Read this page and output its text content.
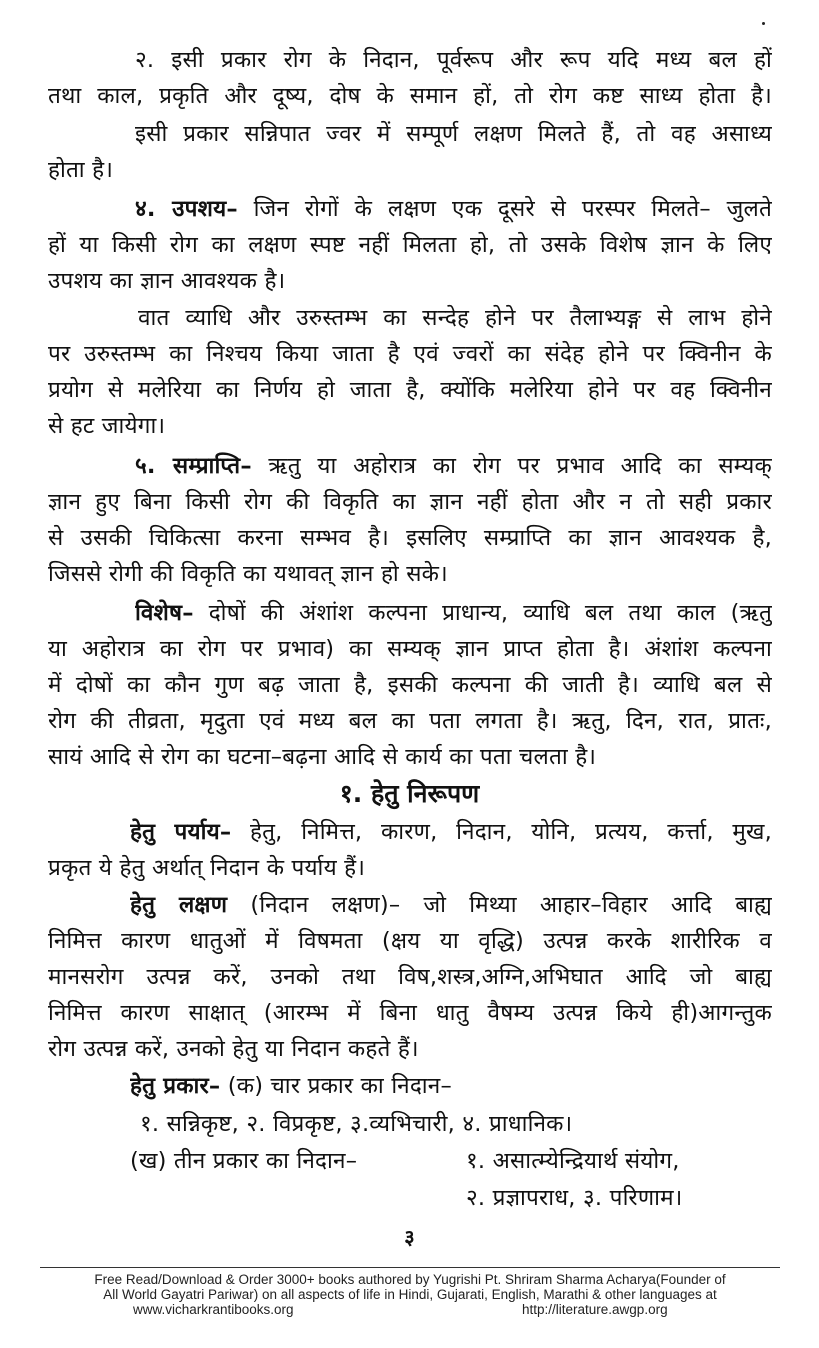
२. इसी प्रकार रोग के निदान, पूर्वरूप और रूप यदि मध्य बल हों
तथा काल, प्रकृति और दूष्य, दोष के समान हों, तो रोग कष्ट साध्य होता है।
इसी प्रकार सन्निपात ज्वर में सम्पूर्ण लक्षण मिलते हैं, तो वह असाध्य
होता है।
४. उपशय– जिन रोगों के लक्षण एक दूसरे से परस्पर मिलते– जुलते
हों या किसी रोग का लक्षण स्पष्ट नहीं मिलता हो, तो उसके विशेष ज्ञान के लिए
उपशय का ज्ञान आवश्यक है।
वात व्याधि और उरुस्तम्भ का सन्देह होने पर तैलाभ्यङ्ग से लाभ होने
पर उरुस्तम्भ का निश्चय किया जाता है एवं ज्वरों का संदेह होने पर क्विनीन के
प्रयोग से मलेरिया का निर्णय हो जाता है, क्योंकि मलेरिया होने पर वह क्विनीन
से हट जायेगा।
५. सम्प्राप्ति– ऋतु या अहोरात्र का रोग पर प्रभाव आदि का सम्यक्
ज्ञान हुए बिना किसी रोग की विकृति का ज्ञान नहीं होता और न तो सही प्रकार
से उसकी चिकित्सा करना सम्भव है। इसलिए सम्प्राप्ति का ज्ञान आवश्यक है,
जिससे रोगी की विकृति का यथावत् ज्ञान हो सके।
विशेष– दोषों की अंशांश कल्पना प्राधान्य, व्याधि बल तथा काल (ऋतु
या अहोरात्र का रोग पर प्रभाव) का सम्यक् ज्ञान प्राप्त होता है। अंशांश कल्पना
में दोषों का कौन गुण बढ़ जाता है, इसकी कल्पना की जाती है। व्याधि बल से
रोग की तीव्रता, मृदुता एवं मध्य बल का पता लगता है। ऋतु, दिन, रात, प्रातः,
सायं आदि से रोग का घटना–बढ़ना आदि से कार्य का पता चलता है।
१. हेतु निरूपण
हेतु पर्याय– हेतु, निमित्त, कारण, निदान, योनि, प्रत्यय, कर्त्ता, मुख,
प्रकृत ये हेतु अर्थात् निदान के पर्याय हैं।
हेतु लक्षण (निदान लक्षण)– जो मिथ्या आहार–विहार आदि बाह्य
निमित्त कारण धातुओं में विषमता (क्षय या वृद्धि) उत्पन्न करके शारीरिक व
मानसरोग उत्पन्न करें, उनको तथा विष,शस्त्र,अग्नि,अभिघात आदि जो बाह्य
निमित्त कारण साक्षात् (आरम्भ में बिना धातु वैषम्य उत्पन्न किये ही)आगन्तुक
रोग उत्पन्न करें, उनको हेतु या निदान कहते हैं।
हेतु प्रकार– (क) चार प्रकार का निदान–
१. सन्निकृष्ट, २. विप्रकृष्ट, ३.व्यभिचारी, ४. प्राधानिक।
(ख) तीन प्रकार का निदान–	१. असात्म्येन्द्रियार्थ संयोग,
२. प्रज्ञापराध, ३. परिणाम।
३
Free Read/Download & Order 3000+ books authored by Yugrishi Pt. Shriram Sharma Acharya(Founder of
All World Gayatri Pariwar) on all aspects of life in Hindi, Gujarati, English, Marathi & other languages at
www.vicharkrantibooks.org	http://literature.awgp.org
